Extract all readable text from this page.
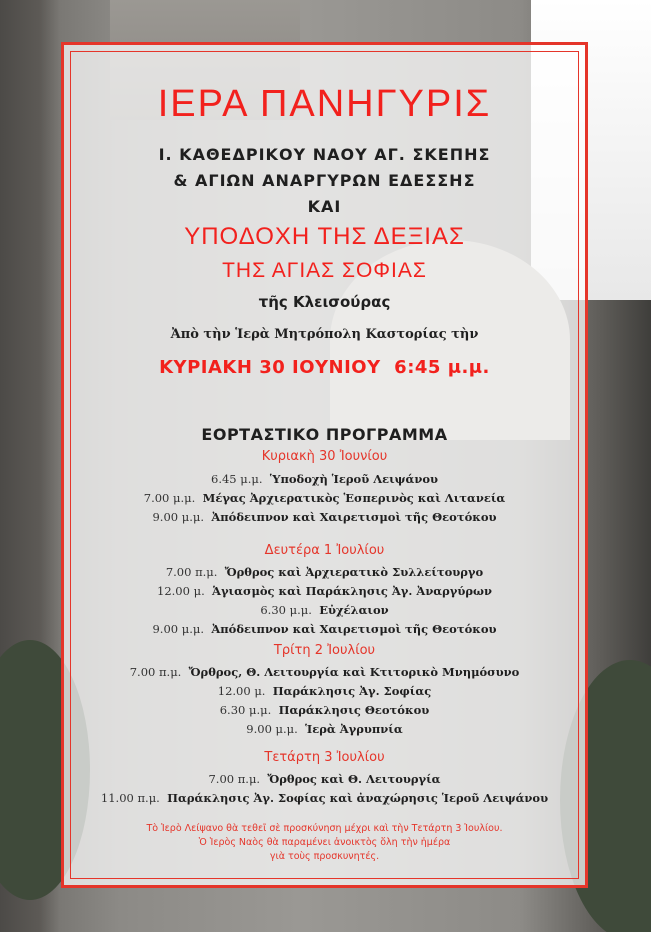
ΙΕΡΑ ΠΑΝΗΓΥΡΙΣ
Ι. ΚΑΘΕΔΡΙΚΟΥ ΝΑΟΥ ΑΓ. ΣΚΕΠΗΣ
& ΑΓΙΩΝ ΑΝΑΡΓΥΡΩΝ ΕΔΕΣΣΗΣ
ΚΑΙ
ΥΠΟΔΟΧΗ ΤΗΣ ΔΕΞΙΑΣ
ΤΗΣ ΑΓΙΑΣ ΣΟΦΙΑΣ
τῆς Κλεισούρας
Ἀπὸ τὴν Ἱερὰ Μητρόπολη Καστορίας τὴν
ΚΥΡΙΑΚΗ 30 ΙΟΥΝΙΟΥ  6:45 μ.μ.
ΕΟΡΤΑΣΤΙΚΟ ΠΡΟΓΡΑΜΜΑ
Κυριακὴ 30 Ἰουνίου
6.45 μ.μ. Ὑποδοχὴ Ἱεροῦ Λειψάνου
7.00 μ.μ. Μέγας Ἀρχιερατικὸς Ἑσπερινὸς καὶ Λιτανεία
9.00 μ.μ. Ἀπόδειπνον καὶ Χαιρετισμοὶ τῆς Θεοτόκου
Δευτέρα 1 Ἰουλίου
7.00 π.μ. Ὄρθρος καὶ Ἀρχιερατικὸ Συλλείτουργο
12.00 μ. Ἁγιασμὸς καὶ Παράκλησις Ἀγ. Ἀναργύρων
6.30 μ.μ. Εὐχέλαιον
9.00 μ.μ. Ἀπόδειπνον καὶ Χαιρετισμοὶ τῆς Θεοτόκου
Τρίτη 2 Ἰουλίου
7.00 π.μ. Ὄρθρος, Θ. Λειτουργία καὶ Κτιτορικὸ Μνημόσυνο
12.00 μ. Παράκλησις Ἀγ. Σοφίας
6.30 μ.μ. Παράκλησις Θεοτόκου
9.00 μ.μ. Ἱερὰ Ἀγρυπνία
Τετάρτη 3 Ἰουλίου
7.00 π.μ. Ὄρθρος καὶ Θ. Λειτουργία
11.00 π.μ. Παράκλησις Ἀγ. Σοφίας καὶ ἀναχώρησις Ἱεροῦ Λειψάνου
Τὸ Ἱερὸ Λείψανο θὰ τεθεῖ σὲ προσκύνηση μέχρι καὶ τὴν Τετάρτη 3 Ἰουλίου.
Ὁ Ἱερὸς Ναὸς θὰ παραμένει ἀνοικτὸς ὅλη τὴν ἡμέρα
γιὰ τοὺς προσκυνητές.
